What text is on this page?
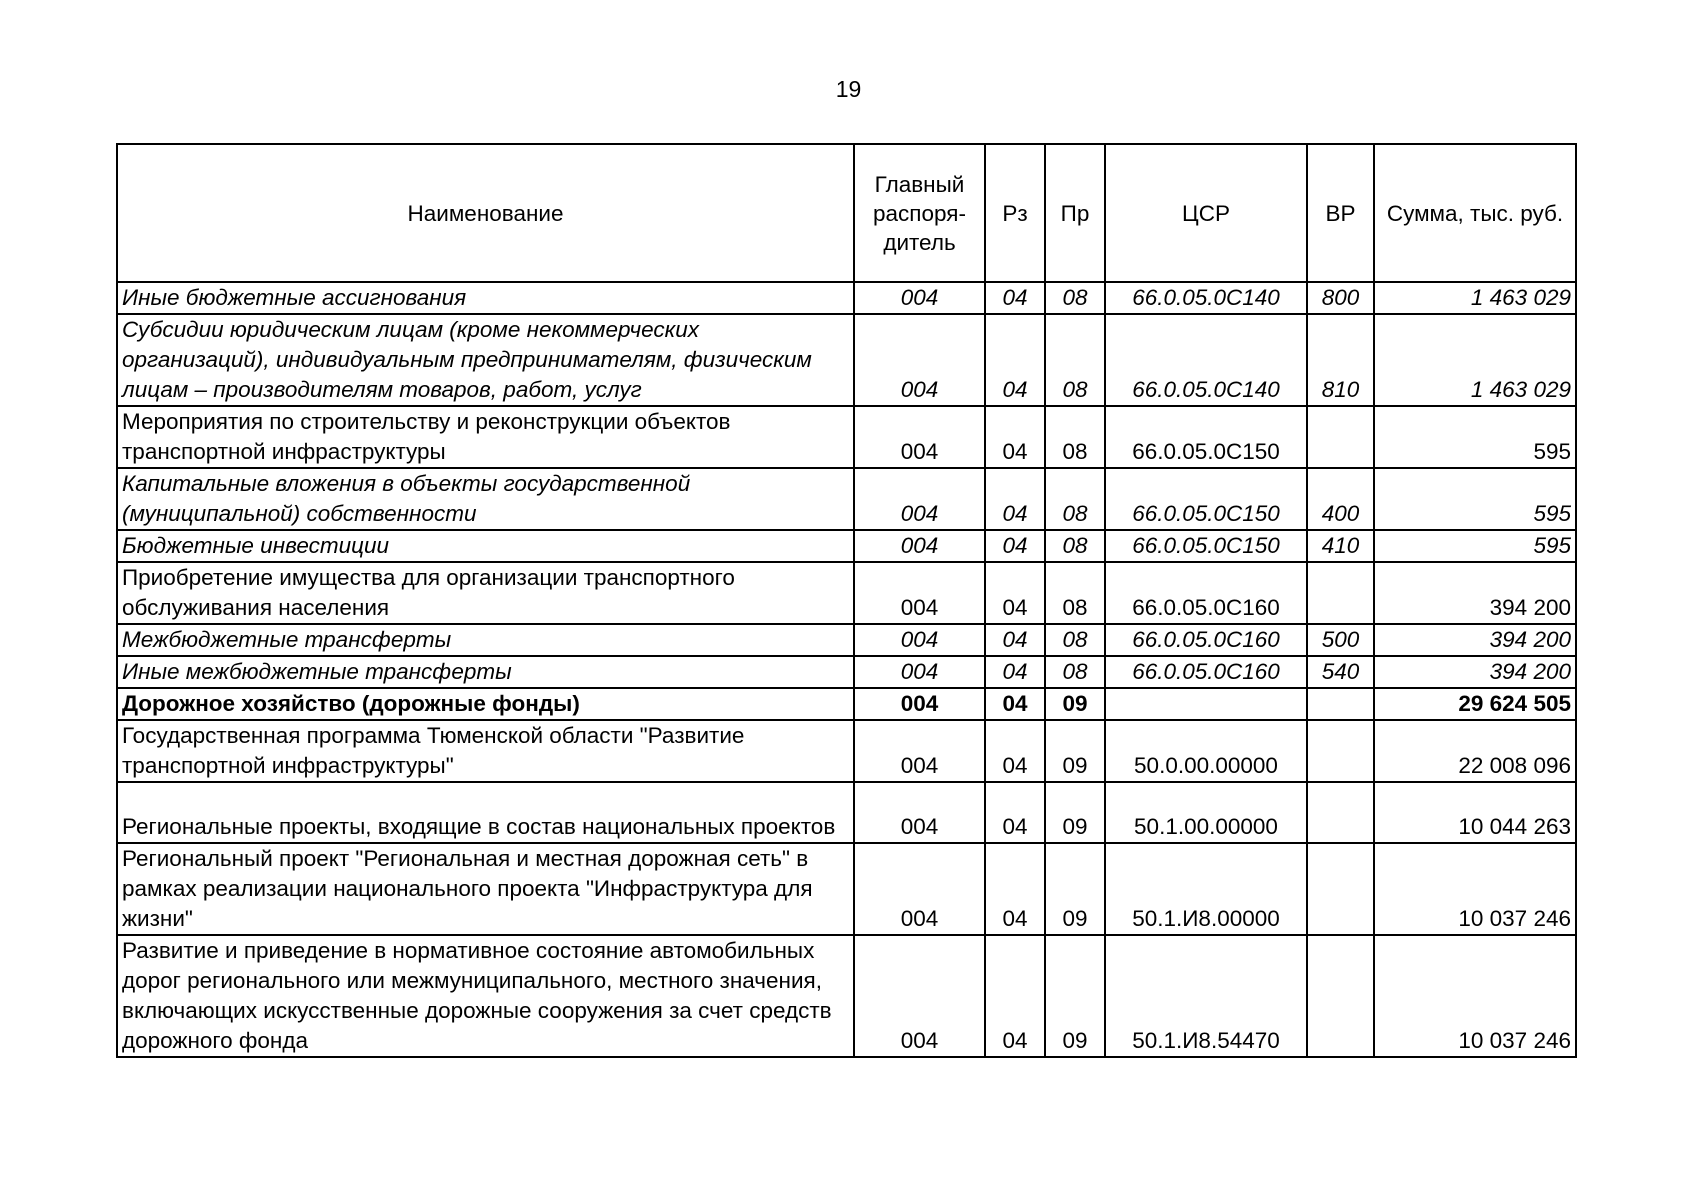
19
Наименование	Главный распоря-дитель	Рз	Пр	ЦСР	ВР	Сумма, тыс. руб.
Иные бюджетные ассигнования	004	04	08	66.0.05.0С140	800	1 463 029
Субсидии юридическим лицам (кроме некоммерческих организаций), индивидуальным предпринимателям, физическим лицам – производителям товаров, работ, услуг	004	04	08	66.0.05.0С140	810	1 463 029
Мероприятия по строительству и реконструкции объектов транспортной инфраструктуры	004	04	08	66.0.05.0С150		595
Капитальные вложения в объекты государственной (муниципальной) собственности	004	04	08	66.0.05.0С150	400	595
Бюджетные инвестиции	004	04	08	66.0.05.0С150	410	595
Приобретение имущества для организации транспортного обслуживания населения	004	04	08	66.0.05.0С160		394 200
Межбюджетные трансферты	004	04	08	66.0.05.0С160	500	394 200
Иные межбюджетные трансферты	004	04	08	66.0.05.0С160	540	394 200
Дорожное хозяйство (дорожные фонды)	004	04	09			29 624 505
Государственная программа Тюменской области "Развитие транспортной инфраструктуры"	004	04	09	50.0.00.00000		22 008 096
Региональные проекты, входящие в состав национальных проектов	004	04	09	50.1.00.00000		10 044 263
Региональный проект "Региональная и местная дорожная сеть" в рамках реализации национального проекта "Инфраструктура для жизни"	004	04	09	50.1.И8.00000		10 037 246
Развитие и приведение в нормативное состояние автомобильных дорог регионального или межмуниципального, местного значения, включающих искусственные дорожные сооружения за счет средств дорожного фонда	004	04	09	50.1.И8.54470		10 037 246
